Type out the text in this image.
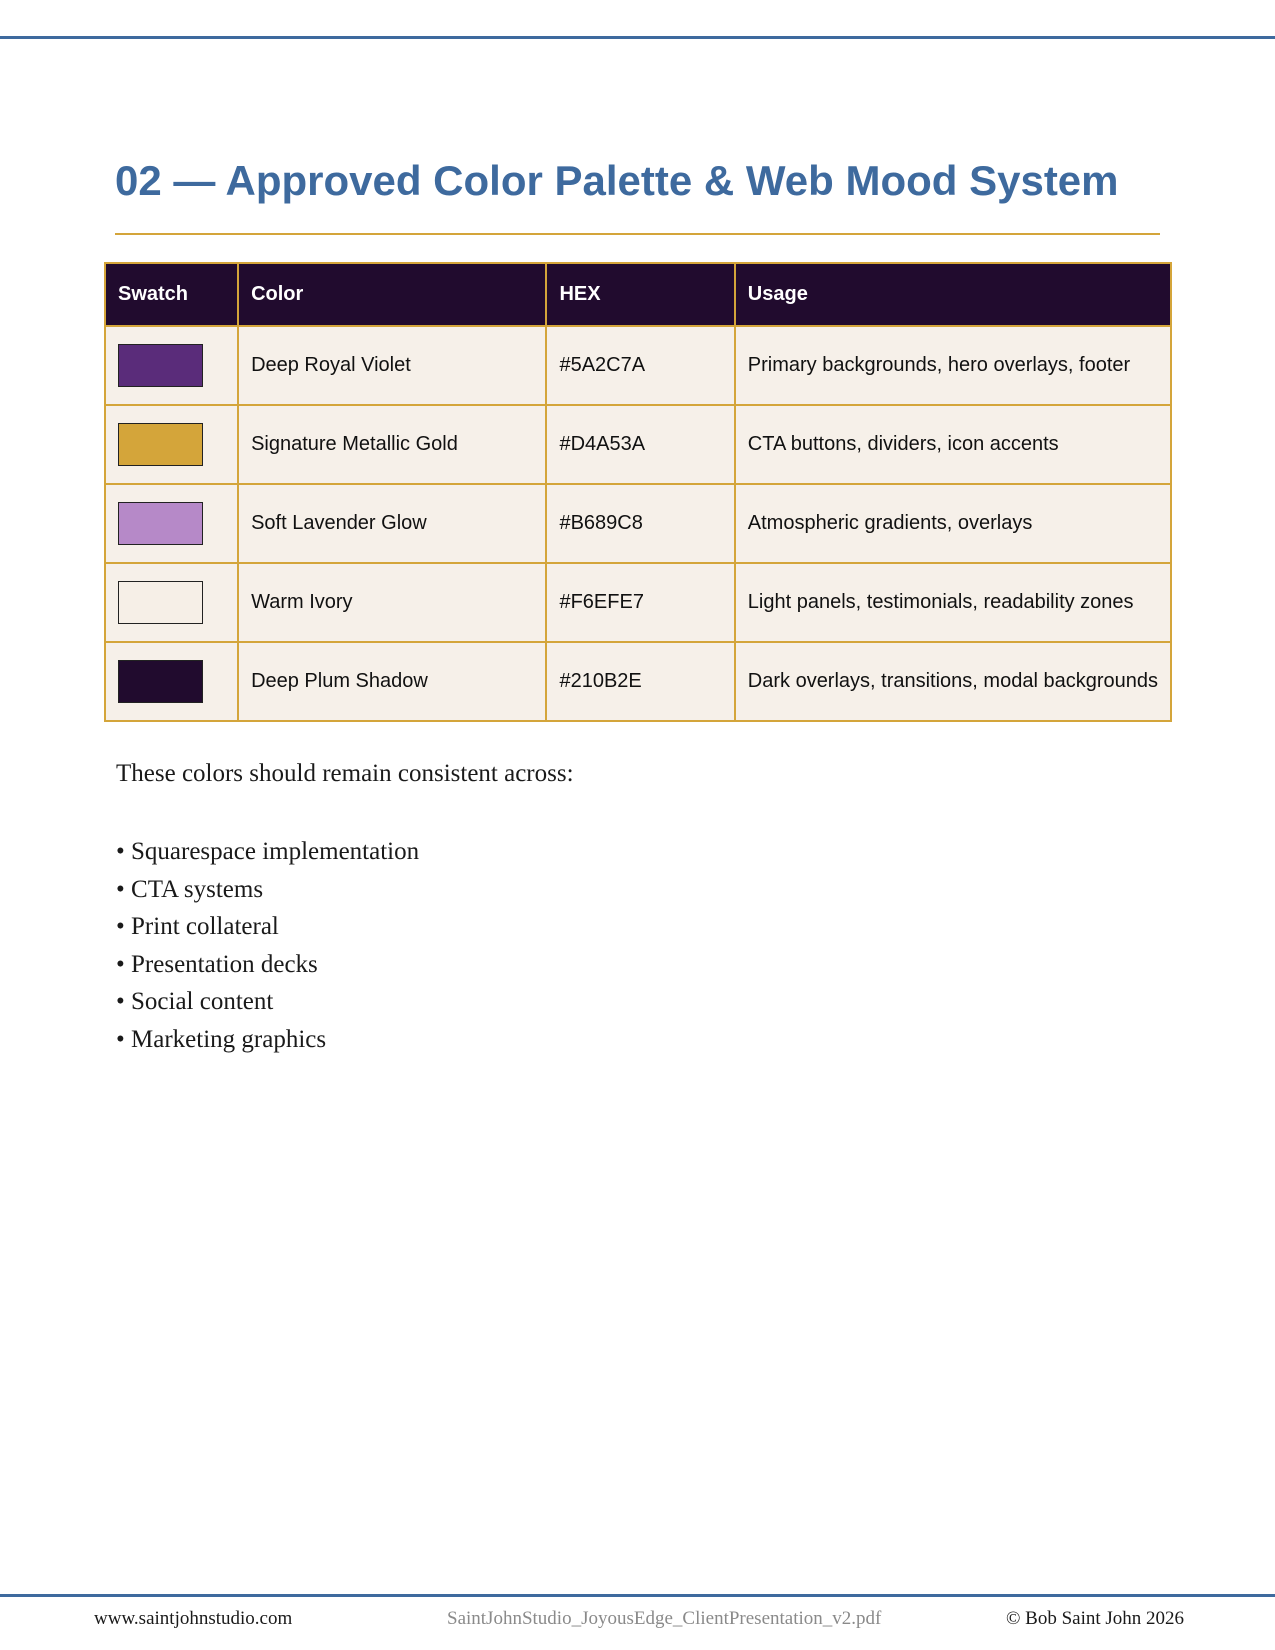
02 — Approved Color Palette & Web Mood System
Swatch	Color	HEX	Usage

	Deep Royal Violet	#5A2C7A	Primary backgrounds, hero overlays, footer

	Signature Metallic Gold	#D4A53A	CTA buttons, dividers, icon accents

	Soft Lavender Glow	#B689C8	Atmospheric gradients, overlays

	Warm Ivory	#F6EFE7	Light panels, testimonials, readability zones

	Deep Plum Shadow	#210B2E	Dark overlays, transitions, modal backgrounds

These colors should remain consistent across:

• Squarespace implementation
• CTA systems
• Print collateral
• Presentation decks
• Social content
• Marketing graphics
www.saintjohnstudio.com	SaintJohnStudio_JoyousEdge_ClientPresentation_v2.pdf	© Bob Saint John 2026
